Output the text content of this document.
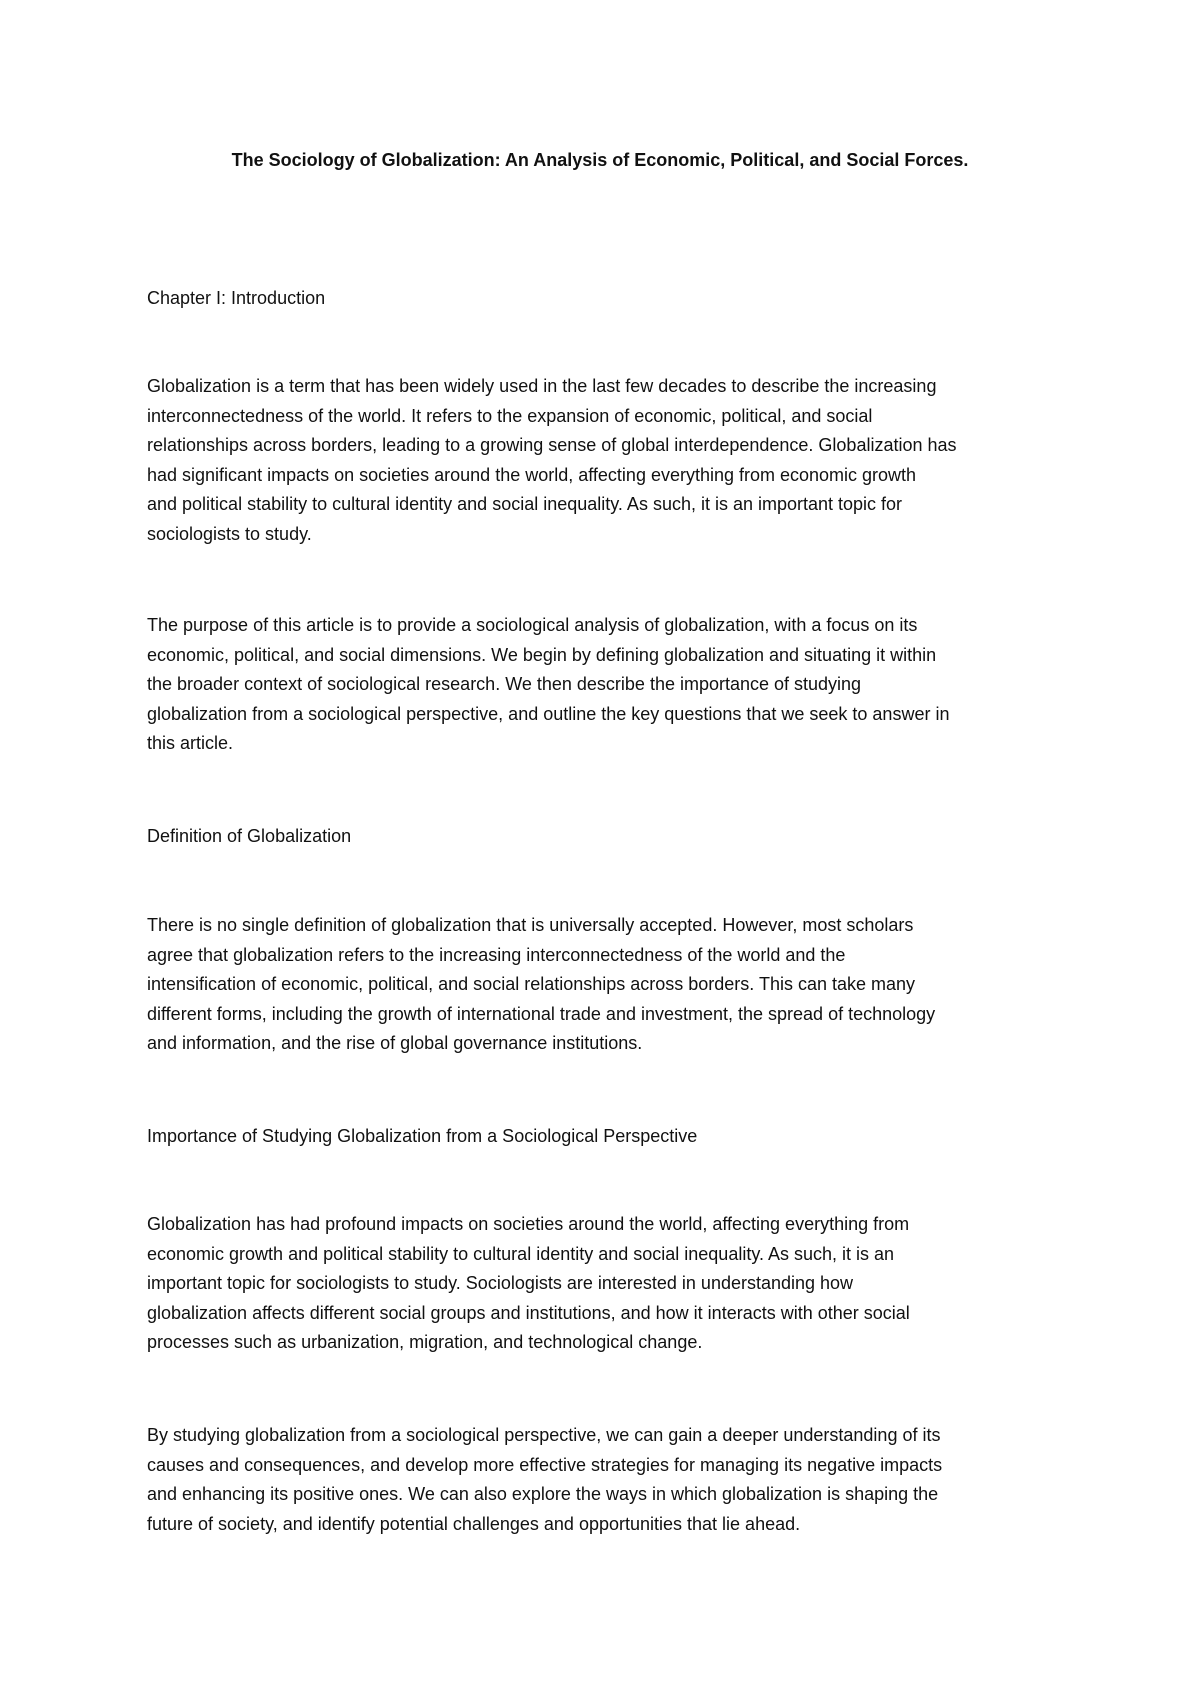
The Sociology of Globalization: An Analysis of Economic, Political, and Social Forces.
Chapter I: Introduction
Globalization is a term that has been widely used in the last few decades to describe the increasing
interconnectedness of the world. It refers to the expansion of economic, political, and social
relationships across borders, leading to a growing sense of global interdependence. Globalization has
had significant impacts on societies around the world, affecting everything from economic growth
and political stability to cultural identity and social inequality. As such, it is an important topic for
sociologists to study.
The purpose of this article is to provide a sociological analysis of globalization, with a focus on its
economic, political, and social dimensions. We begin by defining globalization and situating it within
the broader context of sociological research. We then describe the importance of studying
globalization from a sociological perspective, and outline the key questions that we seek to answer in
this article.
Definition of Globalization
There is no single definition of globalization that is universally accepted. However, most scholars
agree that globalization refers to the increasing interconnectedness of the world and the
intensification of economic, political, and social relationships across borders. This can take many
different forms, including the growth of international trade and investment, the spread of technology
and information, and the rise of global governance institutions.
Importance of Studying Globalization from a Sociological Perspective
Globalization has had profound impacts on societies around the world, affecting everything from
economic growth and political stability to cultural identity and social inequality. As such, it is an
important topic for sociologists to study. Sociologists are interested in understanding how
globalization affects different social groups and institutions, and how it interacts with other social
processes such as urbanization, migration, and technological change.
By studying globalization from a sociological perspective, we can gain a deeper understanding of its
causes and consequences, and develop more effective strategies for managing its negative impacts
and enhancing its positive ones. We can also explore the ways in which globalization is shaping the
future of society, and identify potential challenges and opportunities that lie ahead.
